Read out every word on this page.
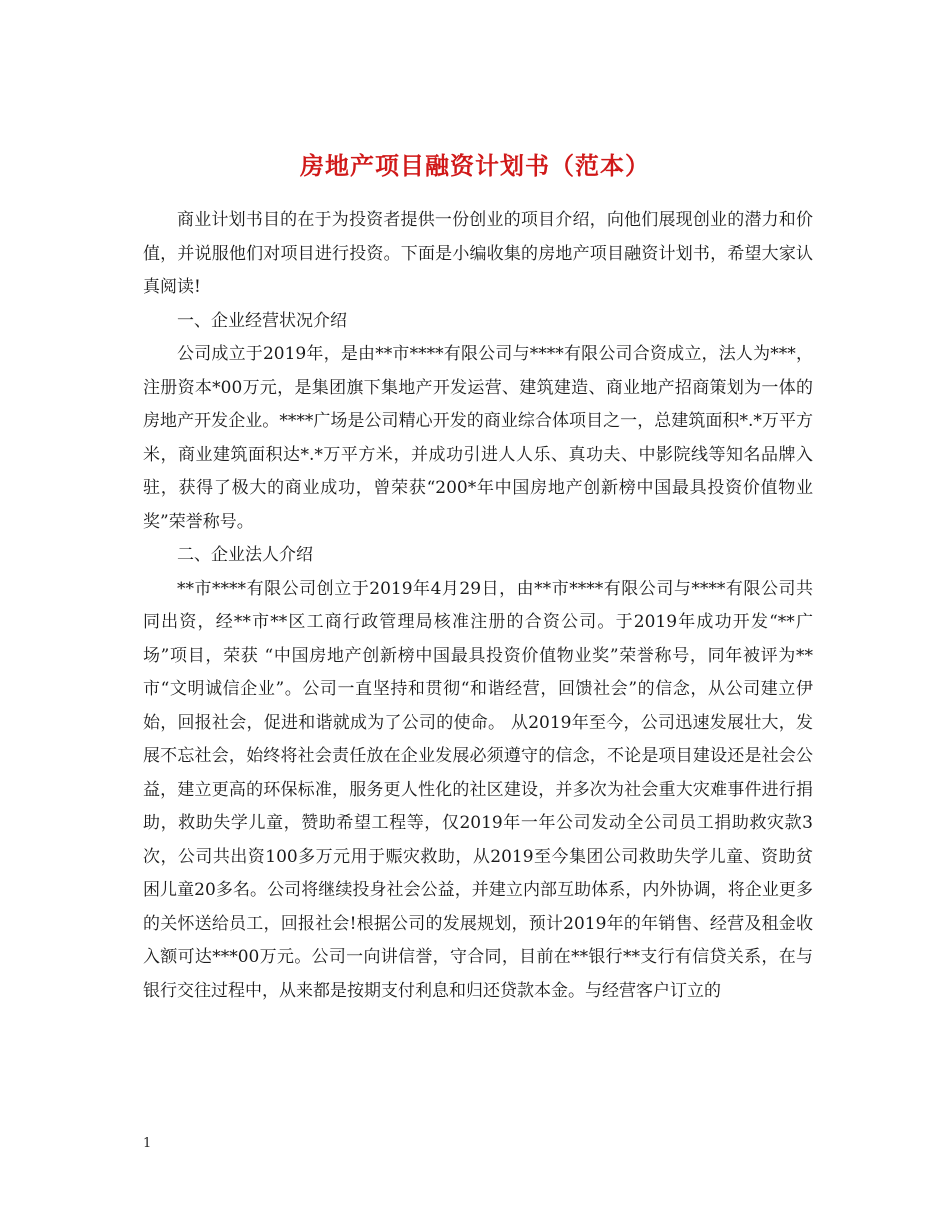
房地产项目融资计划书（范本）

商业计划书目的在于为投资者提供一份创业的项目介绍，向他们展现创业的潜力和价值，并说服他们对项目进行投资。下面是小编收集的房地产项目融资计划书，希望大家认真阅读!

一、企业经营状况介绍

公司成立于2019年，是由**市****有限公司与****有限公司合资成立，法人为***，注册资本*00万元，是集团旗下集地产开发运营、建筑建造、商业地产招商策划为一体的房地产开发企业。****广场是公司精心开发的商业综合体项目之一，总建筑面积*.*万平方米，商业建筑面积达*.*万平方米，并成功引进人人乐、真功夫、中影院线等知名品牌入驻，获得了极大的商业成功，曾荣获“200*年中国房地产创新榜中国最具投资价值物业奖”荣誉称号。

二、企业法人介绍

**市****有限公司创立于2019年4月29日，由**市****有限公司与****有限公司共同出资，经**市**区工商行政管理局核准注册的合资公司。于2019年成功开发“**广场”项目，荣获 “中国房地产创新榜中国最具投资价值物业奖”荣誉称号，同年被评为**市“文明诚信企业”。公司一直坚持和贯彻“和谐经营，回馈社会”的信念，从公司建立伊始，回报社会，促进和谐就成为了公司的使命。 从2019年至今，公司迅速发展壮大，发展不忘社会，始终将社会责任放在企业发展必须遵守的信念，不论是项目建设还是社会公益，建立更高的环保标准，服务更人性化的社区建设，并多次为社会重大灾难事件进行捐助，救助失学儿童，赞助希望工程等，仅2019年一年公司发动全公司员工捐助救灾款3次，公司共出资100多万元用于赈灾救助，从2019至今集团公司救助失学儿童、资助贫困儿童20多名。公司将继续投身社会公益，并建立内部互助体系，内外协调，将企业更多的关怀送给员工，回报社会!根据公司的发展规划，预计2019年的年销售、经营及租金收入额可达***00万元。公司一向讲信誉，守合同，目前在**银行**支行有信贷关系，在与银行交往过程中，从来都是按期支付利息和归还贷款本金。与经营客户订立的

1
